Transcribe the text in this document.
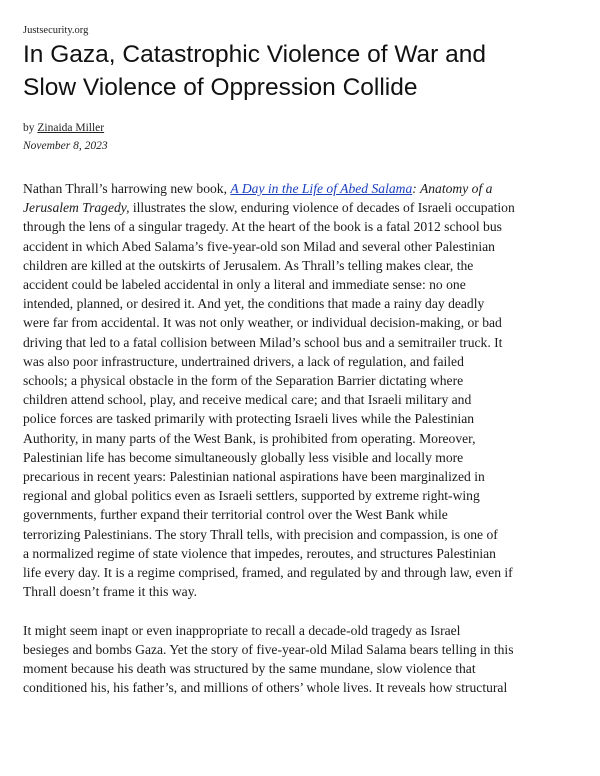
Justsecurity.org
In Gaza, Catastrophic Violence of War and
Slow Violence of Oppression Collide
by Zinaida Miller
November 8, 2023

Nathan Thrall’s harrowing new book, A Day in the Life of Abed Salama: Anatomy of a
Jerusalem Tragedy, illustrates the slow, enduring violence of decades of Israeli occupation
through the lens of a singular tragedy. At the heart of the book is a fatal 2012 school bus
accident in which Abed Salama’s five-year-old son Milad and several other Palestinian
children are killed at the outskirts of Jerusalem. As Thrall’s telling makes clear, the
accident could be labeled accidental in only a literal and immediate sense: no one
intended, planned, or desired it. And yet, the conditions that made a rainy day deadly
were far from accidental. It was not only weather, or individual decision-making, or bad
driving that led to a fatal collision between Milad’s school bus and a semitrailer truck. It
was also poor infrastructure, undertrained drivers, a lack of regulation, and failed
schools; a physical obstacle in the form of the Separation Barrier dictating where
children attend school, play, and receive medical care; and that Israeli military and
police forces are tasked primarily with protecting Israeli lives while the Palestinian
Authority, in many parts of the West Bank, is prohibited from operating. Moreover,
Palestinian life has become simultaneously globally less visible and locally more
precarious in recent years: Palestinian national aspirations have been marginalized in
regional and global politics even as Israeli settlers, supported by extreme right-wing
governments, further expand their territorial control over the West Bank while
terrorizing Palestinians. The story Thrall tells, with precision and compassion, is one of
a normalized regime of state violence that impedes, reroutes, and structures Palestinian
life every day. It is a regime comprised, framed, and regulated by and through law, even if
Thrall doesn’t frame it this way.

It might seem inapt or even inappropriate to recall a decade-old tragedy as Israel
besieges and bombs Gaza. Yet the story of five-year-old Milad Salama bears telling in this
moment because his death was structured by the same mundane, slow violence that
conditioned his, his father’s, and millions of others’ whole lives. It reveals how structural
